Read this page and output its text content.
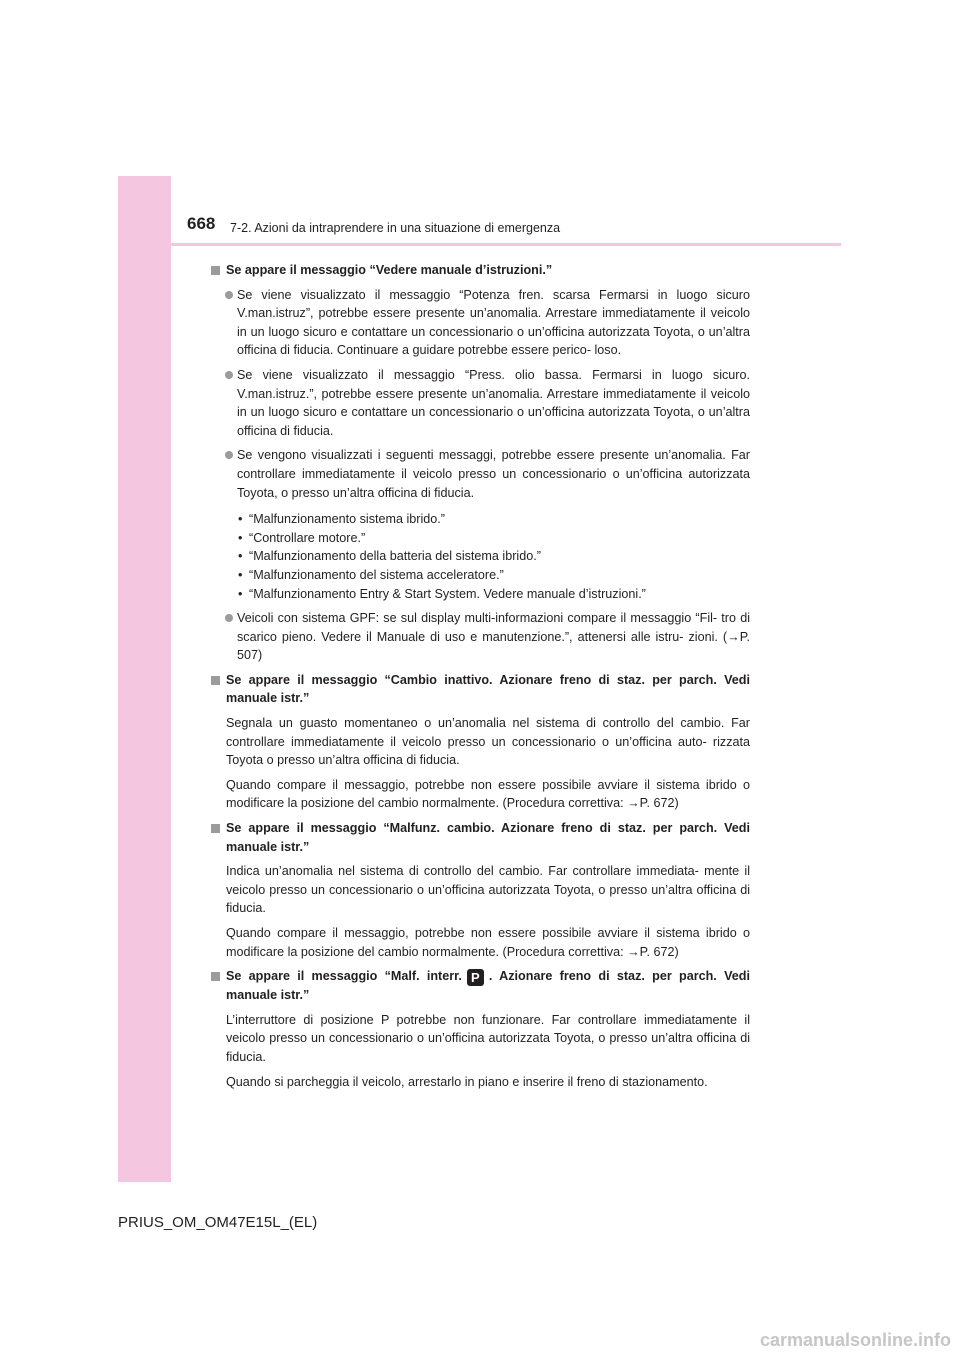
668 7-2. Azioni da intraprendere in una situazione di emergenza
Se appare il messaggio “Vedere manuale d’istruzioni.”
Se viene visualizzato il messaggio “Potenza fren. scarsa Fermarsi in luogo sicuro V.man.istruz”, potrebbe essere presente un’anomalia. Arrestare immediatamente il veicolo in un luogo sicuro e contattare un concessionario o un’officina autorizzata Toyota, o un’altra officina di fiducia. Continuare a guidare potrebbe essere perico- loso.
Se viene visualizzato il messaggio “Press. olio bassa. Fermarsi in luogo sicuro. V.man.istruz.”, potrebbe essere presente un’anomalia. Arrestare immediatamente il veicolo in un luogo sicuro e contattare un concessionario o un’officina autorizzata Toyota, o un’altra officina di fiducia.
Se vengono visualizzati i seguenti messaggi, potrebbe essere presente un’anomalia. Far controllare immediatamente il veicolo presso un concessionario o un’officina autorizzata Toyota, o presso un’altra officina di fiducia.
• “Malfunzionamento sistema ibrido.”
• “Controllare motore.”
• “Malfunzionamento della batteria del sistema ibrido.”
• “Malfunzionamento del sistema acceleratore.”
• “Malfunzionamento Entry & Start System. Vedere manuale d’istruzioni.”
Veicoli con sistema GPF: se sul display multi-informazioni compare il messaggio “Fil- tro di scarico pieno. Vedere il Manuale di uso e manutenzione.”, attenersi alle istru- zioni. (→P. 507)
Se appare il messaggio “Cambio inattivo. Azionare freno di staz. per parch. Vedi manuale istr.”
Segnala un guasto momentaneo o un’anomalia nel sistema di controllo del cambio. Far controllare immediatamente il veicolo presso un concessionario o un’officina auto- rizzata Toyota o presso un’altra officina di fiducia.
Quando compare il messaggio, potrebbe non essere possibile avviare il sistema ibrido o modificare la posizione del cambio normalmente. (Procedura correttiva: →P. 672)
Se appare il messaggio “Malfunz. cambio. Azionare freno di staz. per parch. Vedi manuale istr.”
Indica un’anomalia nel sistema di controllo del cambio. Far controllare immediata- mente il veicolo presso un concessionario o un’officina autorizzata Toyota, o presso un’altra officina di fiducia.
Quando compare il messaggio, potrebbe non essere possibile avviare il sistema ibrido o modificare la posizione del cambio normalmente. (Procedura correttiva: →P. 672)
Se appare il messaggio “Malf. interr. P . Azionare freno di staz. per parch. Vedi manuale istr.”
L’interruttore di posizione P potrebbe non funzionare. Far controllare immediatamente il veicolo presso un concessionario o un’officina autorizzata Toyota, o presso un’altra officina di fiducia.
Quando si parcheggia il veicolo, arrestarlo in piano e inserire il freno di stazionamento.
PRIUS_OM_OM47E15L_(EL)
carmanualsonline.info
